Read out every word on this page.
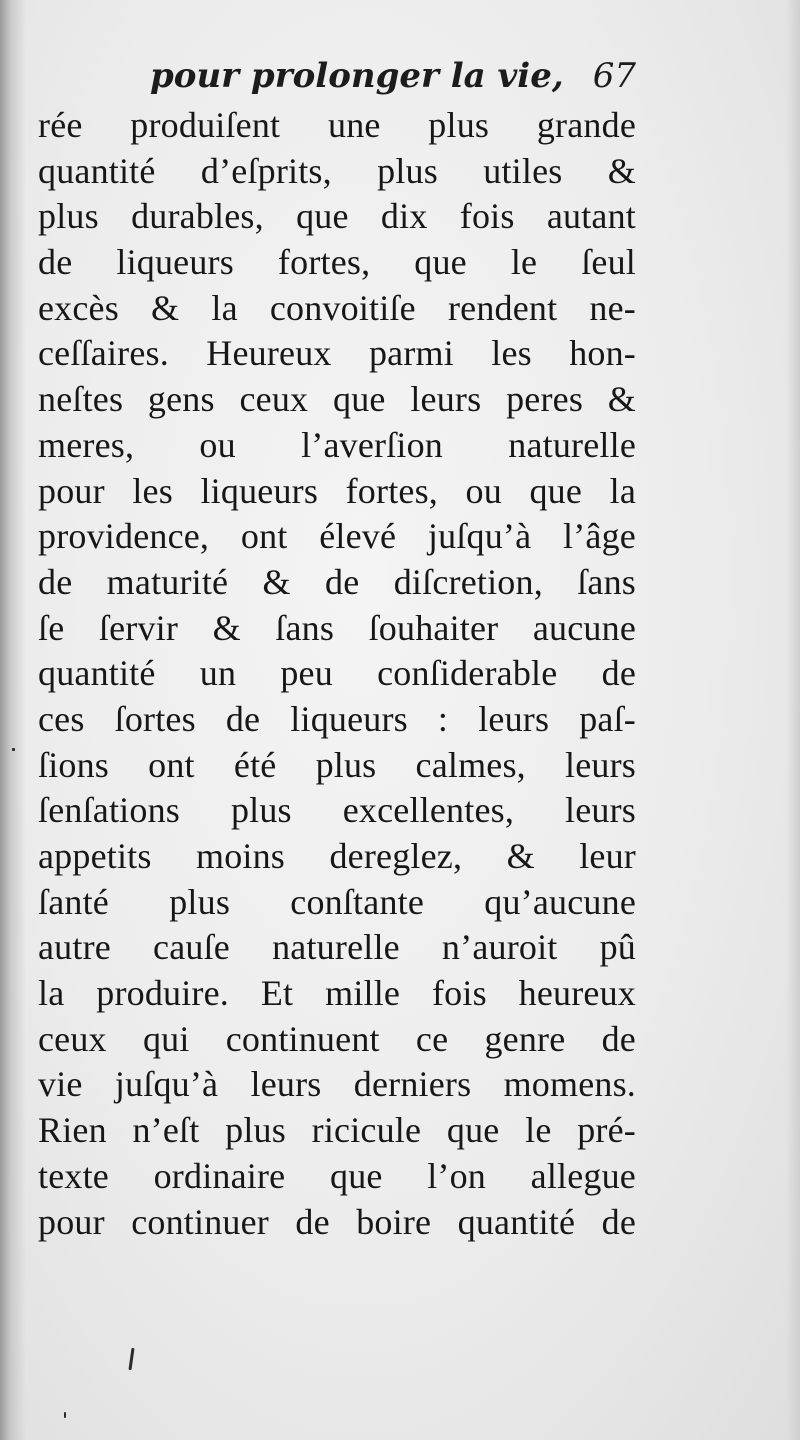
pour prolonger la vie, 67
rée produiſent une plus grande
quantité d’eſprits, plus utiles &
plus durables, que dix fois autant
de liqueurs fortes, que le ſeul
excès & la convoitiſe rendent ne-
ceſſaires. Heureux parmi les hon-
neſtes gens ceux que leurs peres &
meres, ou l’averſion naturelle
pour les liqueurs fortes, ou que la
providence, ont élevé juſqu’à l’âge
de maturité & de diſcretion, ſans
ſe ſervir & ſans ſouhaiter aucune
quantité un peu conſiderable de
ces ſortes de liqueurs : leurs paſ-
ſions ont été plus calmes, leurs
ſenſations plus excellentes, leurs
appetits moins dereglez, & leur
ſanté plus conſtante qu’aucune
autre cauſe naturelle n’auroit pû
la produire. Et mille fois heureux
ceux qui continuent ce genre de
vie juſqu’à leurs derniers momens.
Rien n’eſt plus ricicule que le pré-
texte ordinaire que l’on allegue
pour continuer de boire quantité de
